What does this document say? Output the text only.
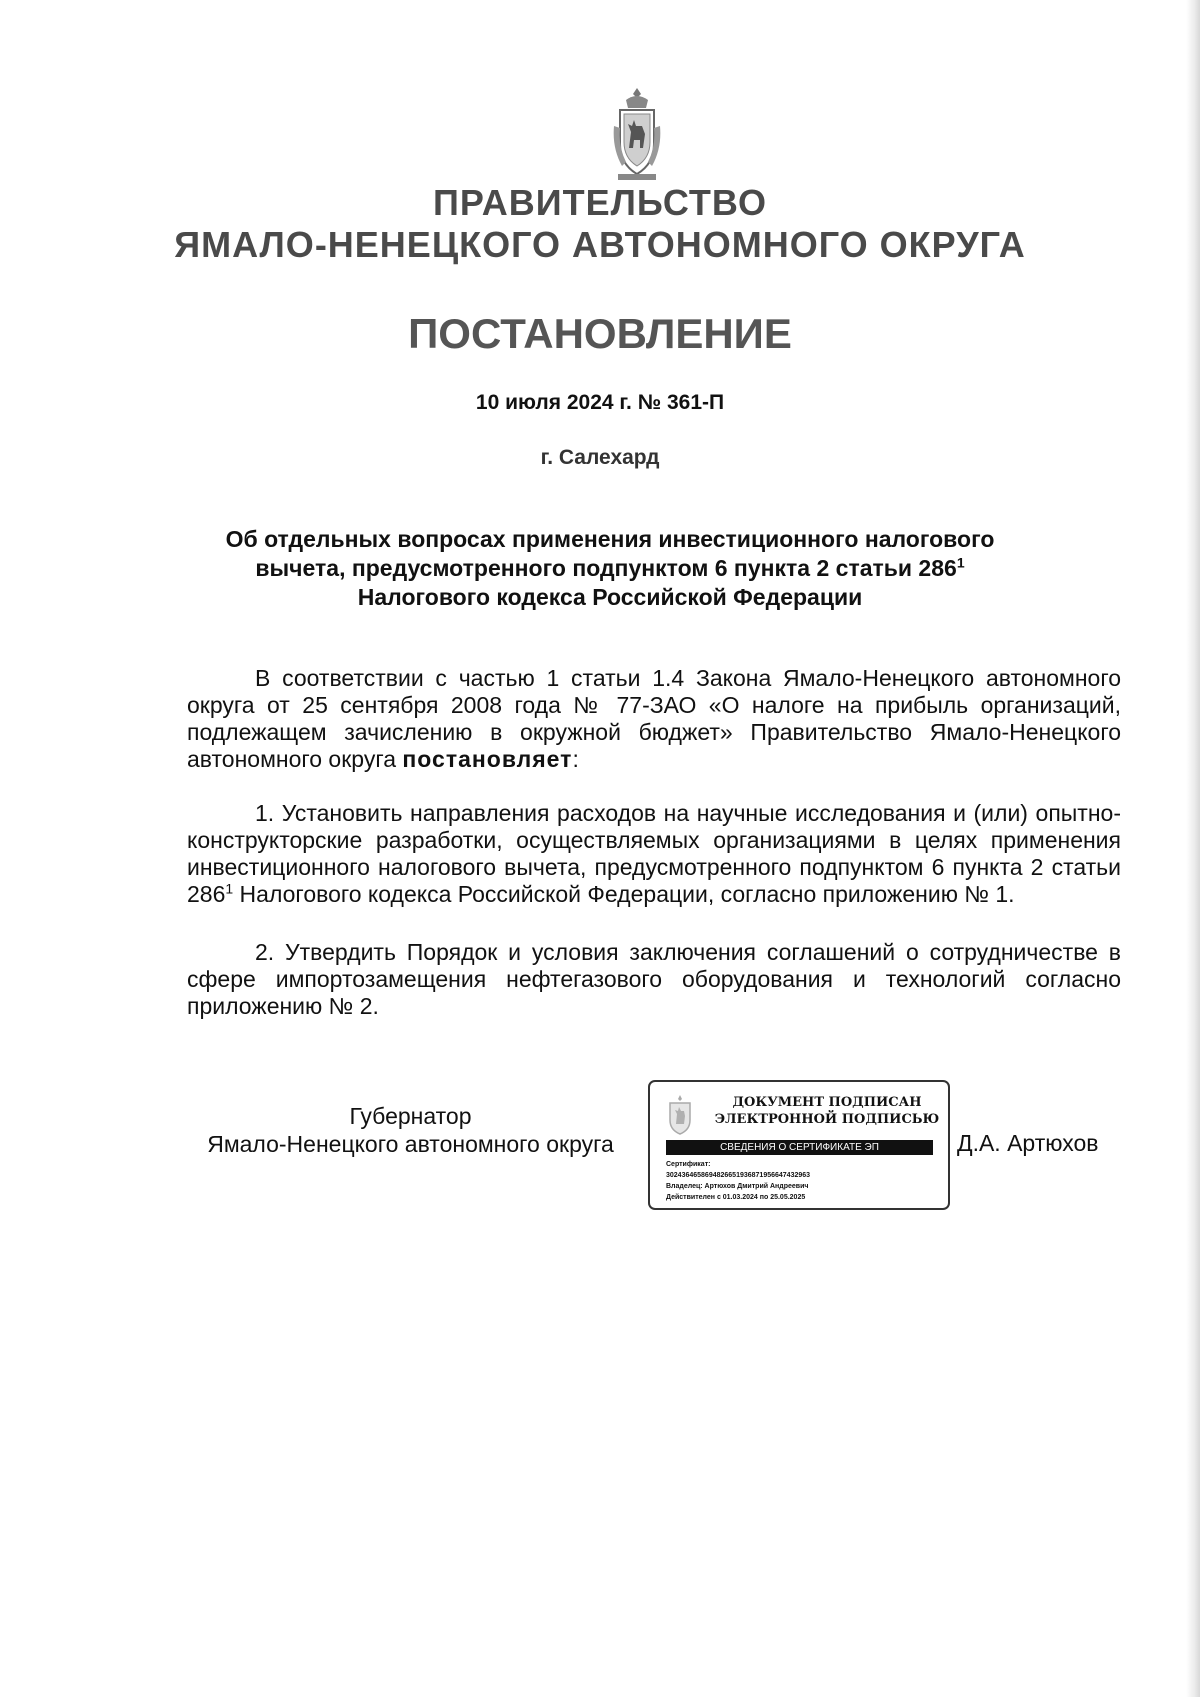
ПРАВИТЕЛЬСТВО
ЯМАЛО-НЕНЕЦКОГО АВТОНОМНОГО ОКРУГА
ПОСТАНОВЛЕНИЕ

10 июля 2024 г. № 361-П

г. Салехард

Об отдельных вопросах применения инвестиционного налогового
вычета, предусмотренного подпунктом 6 пункта 2 статьи $286^1$
Налогового кодекса Российской Федерации

В соответствии с частью 1 статьи 1.4 Закона Ямало-Ненецкого автономного округа от 25 сентября 2008 года № 77-ЗАО «О налоге на прибыль организаций, подлежащем зачислению в окружной бюджет» Правительство Ямало-Ненецкого автономного округа постановляет:

1. Установить направления расходов на научные исследования и (или) опытно-конструкторские разработки, осуществляемых организациями в целях применения инвестиционного налогового вычета, предусмотренного подпунктом 6 пункта 2 статьи $286^1$ Налогового кодекса Российской Федерации, согласно приложению № 1.

2. Утвердить Порядок и условия заключения соглашений о сотрудничестве в сфере импортозамещения нефтегазового оборудования и технологий согласно приложению № 2.

Губернатор
Ямало-Ненецкого автономного округа
ДОКУМЕНТ ПОДПИСАН
ЭЛЕКТРОННОЙ ПОДПИСЬЮ
СВЕДЕНИЯ О СЕРТИФИКАТЕ ЭП
Сертификат:
3024364658694826651936871956647432963
Владелец: Артюхов Дмитрий Андреевич
Действителен с 01.03.2024 по 25.05.2025
Д.А. Артюхов
